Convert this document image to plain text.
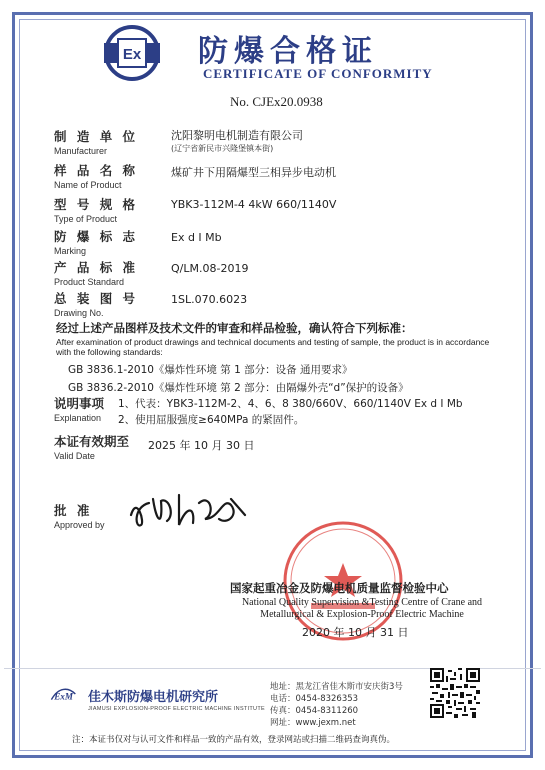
Ex 防爆合格证
CERTIFICATE OF CONFORMITY
No. CJEx20.0938
制 造 单 位
Manufacturer
沈阳黎明电机制造有限公司
(辽宁省新民市兴隆堡镇本街)
样 品 名 称
Name of Product
煤矿井下用隔爆型三相异步电动机
型 号 规 格
Type of Product
YBK3-112M-4 4kW 660/1140V
防 爆 标 志
Marking
Ex d I Mb
产 品 标 准
Product Standard
Q/LM.08-2019
总 装 图 号
Drawing No.
1SL.070.6023
经过上述产品图样及技术文件的审查和样品检验，确认符合下列标准：
After examination of product drawings and technical documents and testing of sample, the product is in accordance with the following standards:
GB 3836.1-2010《爆炸性环境 第 1 部分：设备 通用要求》
GB 3836.2-2010《爆炸性环境 第 2 部分：由隔爆外壳“d”保护的设备》
说明事项
Explanation
1、代表：YBK3-112M-2、4、6、8 380/660V、660/1140V Ex d I Mb
2、使用屈服强度≥640MPa 的紧固件。
本证有效期至
Valid Date
2025 年 10 月 30 日
批 准
Approved by
国家起重冶金及防爆电机质量监督检验中心
National Quality Supervision &Testing Centre of Crane and
Metallurgical & Explosion-Proof Electric Machine
2020 年 10 月 31 日
ExM 佳木斯防爆电机研究所
JIAMUSI EXPLOSION-PROOF ELECTRIC MACHINE INSTITUTE
地址：黑龙江省佳木斯市安庆街3号
电话：0454-8326353
传真：0454-8311260
网址：www.jexm.net
注：本证书仅对与认可文件和样品一致的产品有效，登录网站或扫描二维码查询真伪。
